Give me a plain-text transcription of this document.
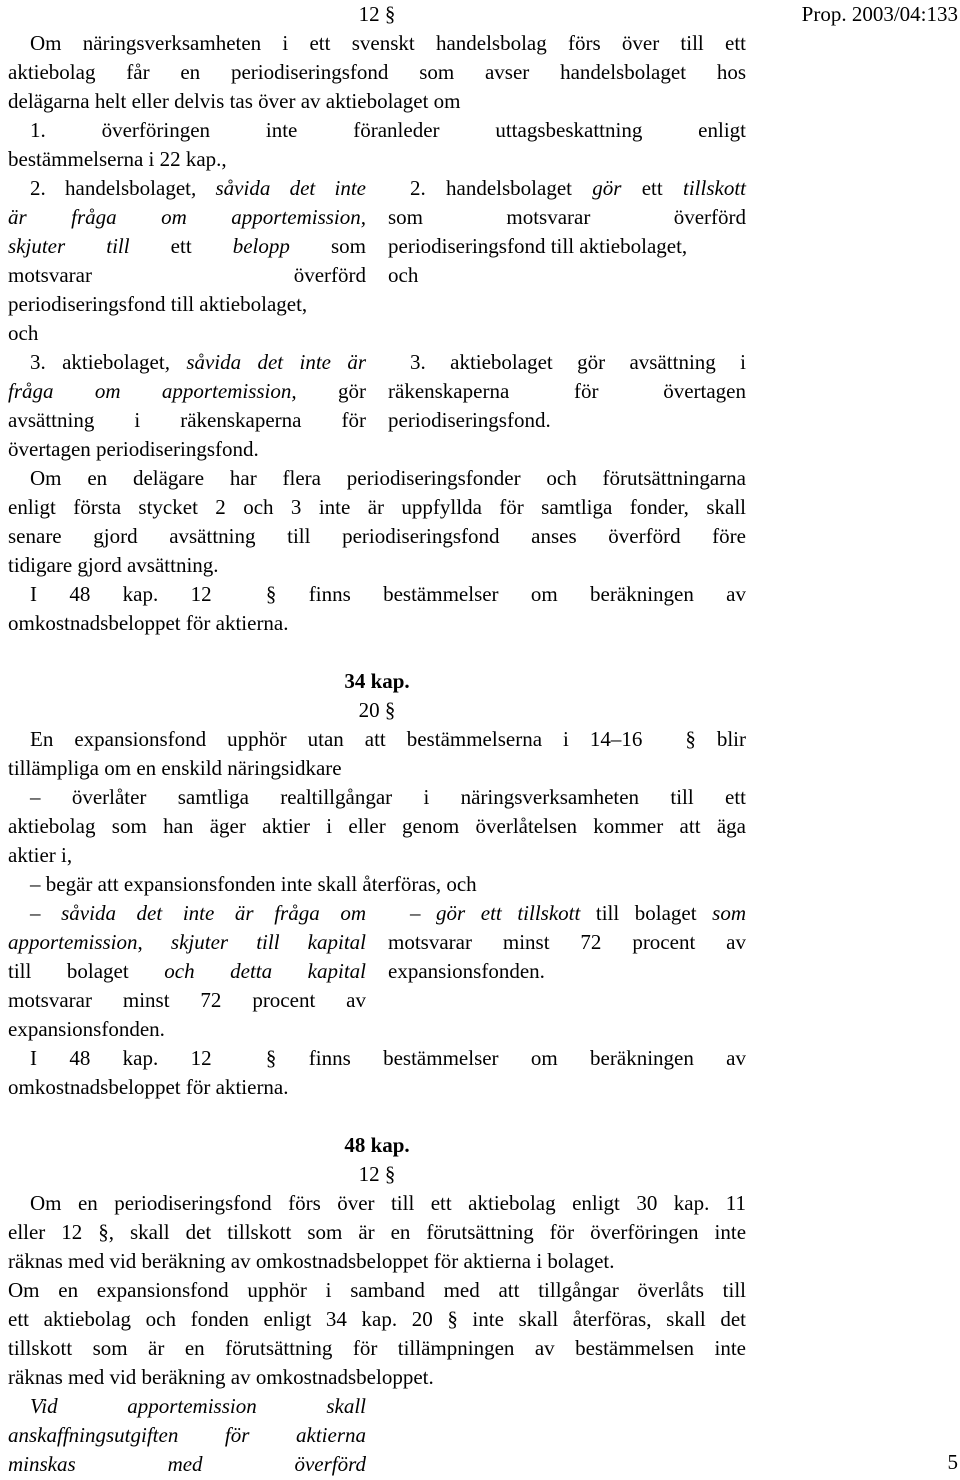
Prop. 2003/04:133
12 §
Om näringsverksamheten i ett svenskt handelsbolag förs över till ett
aktiebolag får en periodiseringsfond som avser handelsbolaget hos
delägarna helt eller delvis tas över av aktiebolaget om
1. överföringen inte föranleder uttagsbeskattning enligt
bestämmelserna i 22 kap.,
2. handelsbolaget, såvida det inte
är fråga om apportemission,
skjuter till ett belopp som
motsvarar överförd
periodiseringsfond till aktiebolaget,
och
3. aktiebolaget, såvida det inte är
fråga om apportemission, gör
avsättning i räkenskaperna för
övertagen periodiseringsfond.
2. handelsbolaget gör ett tillskott
som motsvarar överförd
periodiseringsfond till aktiebolaget,
och
3. aktiebolaget gör avsättning i
räkenskaperna för övertagen
periodiseringsfond.
Om en delägare har flera periodiseringsfonder och förutsättningarna
enligt första stycket 2 och 3 inte är uppfyllda för samtliga fonder, skall
senare gjord avsättning till periodiseringsfond anses överförd före
tidigare gjord avsättning.
I 48 kap. 12	§ finns bestämmelser om beräkningen av
omkostnadsbeloppet för aktierna.
34 kap.
20 §
En expansionsfond upphör utan att bestämmelserna i 14–16 § blir
tillämpliga om en enskild näringsidkare
– överlåter samtliga realtillgångar i näringsverksamheten till ett
aktiebolag som han äger aktier i eller genom överlåtelsen kommer att äga
aktier i,
– begär att expansionsfonden inte skall återföras, och
– såvida det inte är fråga om
apportemission, skjuter till kapital
till bolaget och detta kapital
motsvarar minst 72 procent av
expansionsfonden.
– gör ett tillskott till bolaget som
motsvarar minst 72 procent av
expansionsfonden.
I 48 kap. 12	§ finns bestämmelser om beräkningen av
omkostnadsbeloppet för aktierna.
48 kap.
12 §
Om en periodiseringsfond förs över till ett aktiebolag enligt 30 kap. 11
eller 12 §, skall det tillskott som är en förutsättning för överföringen inte
räknas med vid beräkning av omkostnadsbeloppet för aktierna i bolaget.
Om en expansionsfond upphör i samband med att tillgångar överlåts till
ett aktiebolag och fonden enligt 34 kap. 20 § inte skall återföras, skall det
tillskott som är en förutsättning för tillämpningen av bestämmelsen inte
räknas med vid beräkning av omkostnadsbeloppet.
Vid apportemission skall
anskaffningsutgiften för aktierna
minskas med överförd	5
